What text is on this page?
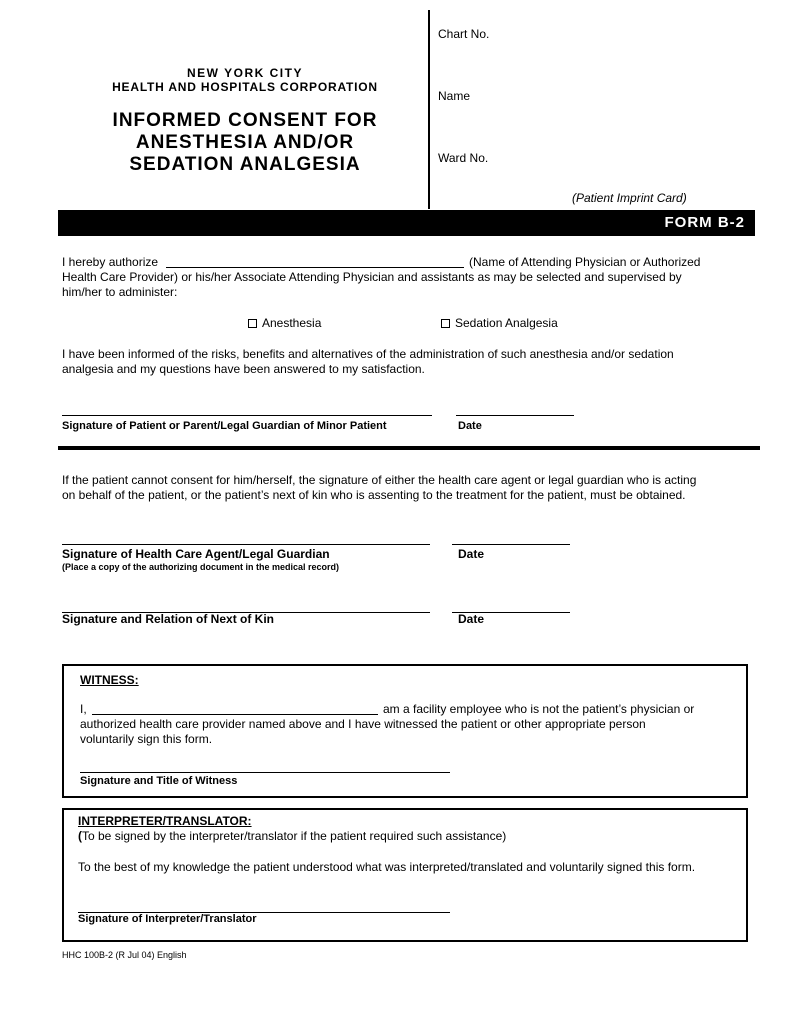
NEW YORK CITY
HEALTH AND HOSPITALS CORPORATION
INFORMED CONSENT FOR
ANESTHESIA AND/OR
SEDATION ANALGESIA
Chart No.
Name
Ward No.
(Patient Imprint Card)
FORM B-2
I hereby authorize	(Name of Attending Physician or Authorized
Health Care Provider) or his/her Associate Attending Physician and assistants as may be selected and supervised by
him/her to administer:
Anesthesia	Sedation Analgesia
I have been informed of the risks, benefits and alternatives of the administration of such anesthesia and/or sedation
analgesia and my questions have been answered to my satisfaction.
Signature of Patient or Parent/Legal Guardian of Minor Patient	Date
If the patient cannot consent for him/herself, the signature of either the health care agent or legal guardian who is acting
on behalf of the patient, or the patient’s next of kin who is assenting to the treatment for the patient, must be obtained.
Signature of Health Care Agent/Legal Guardian	Date
(Place a copy of the authorizing document in the medical record)
Signature and Relation of Next of Kin	Date
WITNESS:
I,	am a facility employee who is not the patient’s physician or
authorized health care provider named above and I have witnessed the patient or other appropriate person
voluntarily sign this form.
Signature and Title of Witness
INTERPRETER/TRANSLATOR:
(To be signed by the interpreter/translator if the patient required such assistance)
To the best of my knowledge the patient understood what was interpreted/translated and voluntarily signed this form.
Signature of Interpreter/Translator
HHC 100B-2 (R Jul 04) English
